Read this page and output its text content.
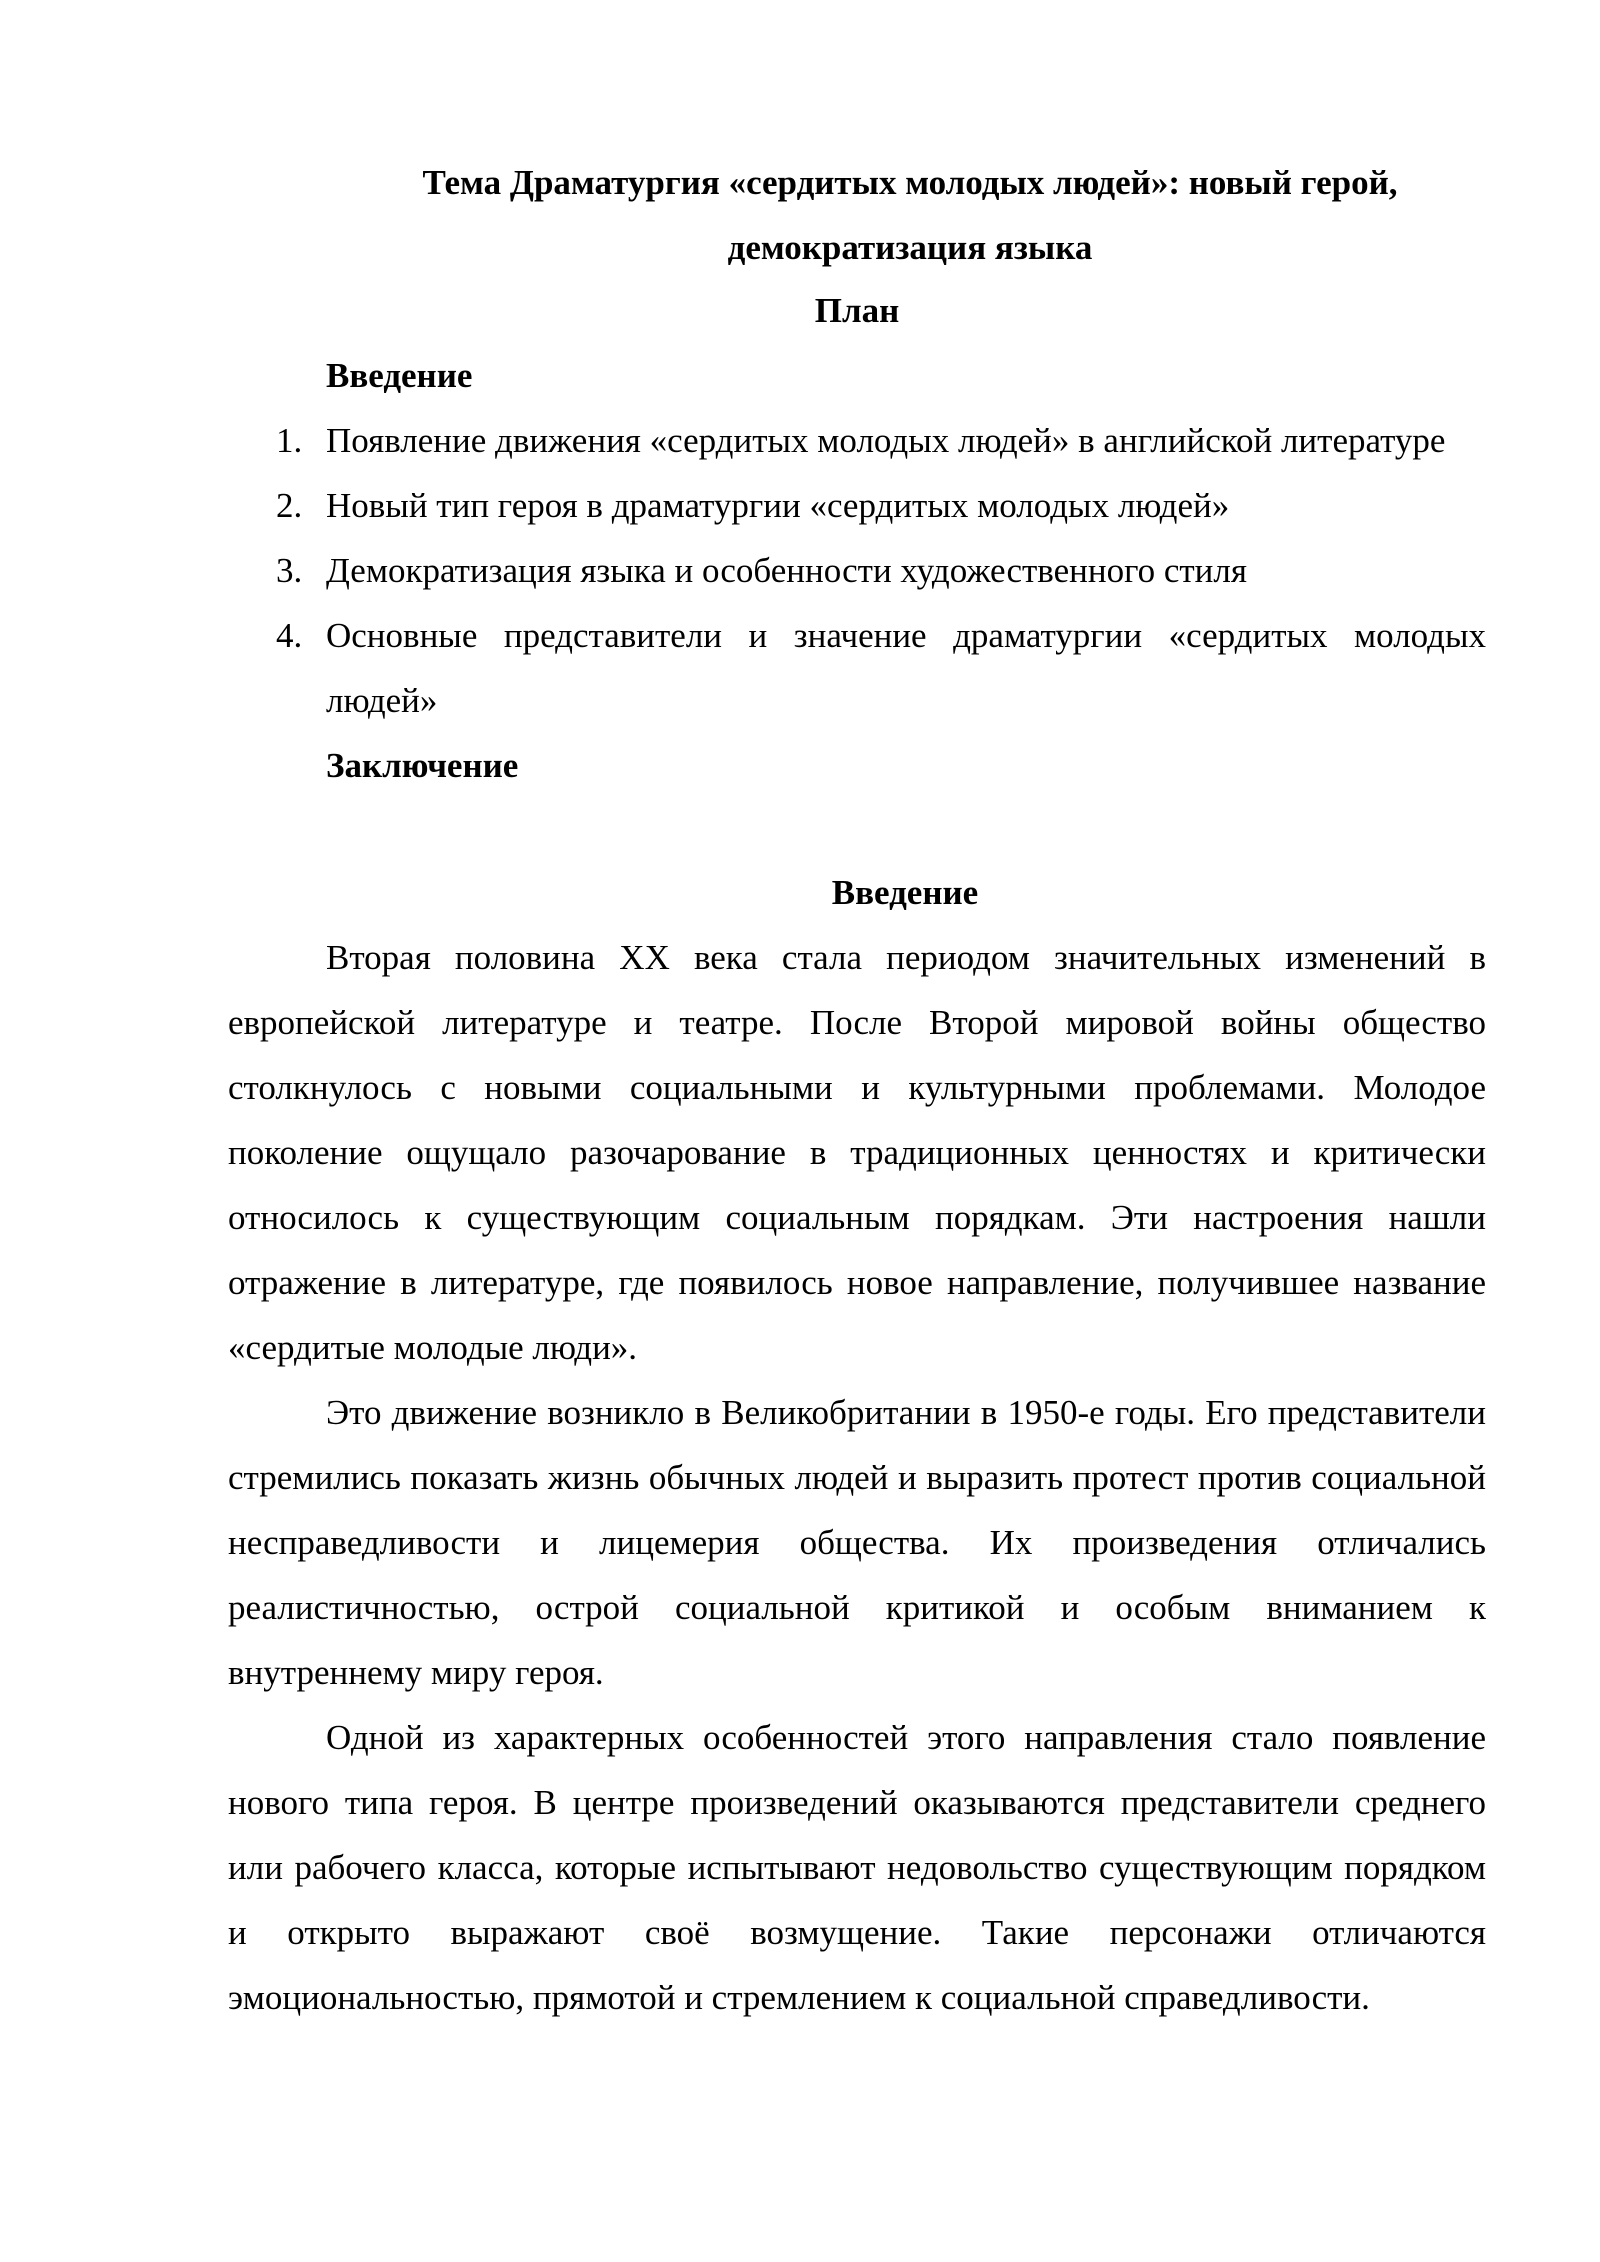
Тема Драматургия «сердитых молодых людей»: новый герой,
демократизация языка
План
Введение
1. Появление движения «сердитых молодых людей» в английской литературе
2. Новый тип героя в драматургии «сердитых молодых людей»
3. Демократизация языка и особенности художественного стиля
4. Основные представители и значение драматургии «сердитых молодых людей»
Заключение
Введение

Вторая половина XX века стала периодом значительных изменений в европейской литературе и театре. После Второй мировой войны общество столкнулось с новыми социальными и культурными проблемами. Молодое поколение ощущало разочарование в традиционных ценностях и критически относилось к существующим социальным порядкам. Эти настроения нашли отражение в литературе, где появилось новое направление, получившее название «сердитые молодые люди».

Это движение возникло в Великобритании в 1950-е годы. Его представители стремились показать жизнь обычных людей и выразить протест против социальной несправедливости и лицемерия общества. Их произведения отличались реалистичностью, острой социальной критикой и особым вниманием к внутреннему миру героя.

Одной из характерных особенностей этого направления стало появление нового типа героя. В центре произведений оказываются представители среднего или рабочего класса, которые испытывают недовольство существующим порядком и открыто выражают своё возмущение. Такие персонажи отличаются эмоциональностью, прямотой и стремлением к социальной справедливости.
